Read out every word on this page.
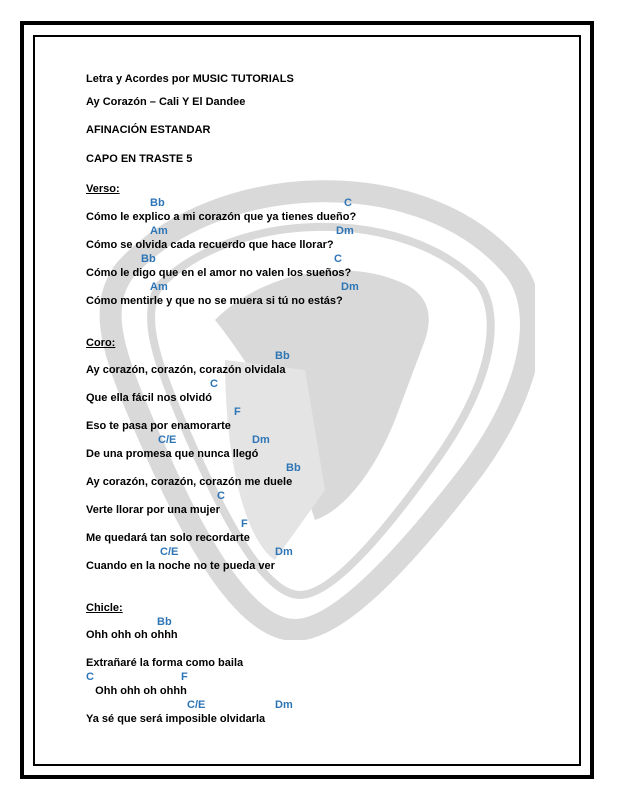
Letra y Acordes por MUSIC TUTORIALS
Ay Corazón – Cali Y El Dandee
AFINACIÓN ESTANDAR
CAPO EN TRASTE 5
Verso:
Bb	C
Cómo le explico a mi corazón que ya tienes dueño?
Am	Dm
Cómo se olvida cada recuerdo que hace llorar?
Bb	C
Cómo le digo que en el amor no valen los sueños?
Am	Dm
Cómo mentirle y que no se muera si tú no estás?
Coro:
Bb
Ay corazón, corazón, corazón olvidala
C
Que ella fácil nos olvidó
F
Eso te pasa por enamorarte
C/E	Dm
De una promesa que nunca llegó
Bb
Ay corazón, corazón, corazón me duele
C
Verte llorar por una mujer
F
Me quedará tan solo recordarte
C/E	Dm
Cuando en la noche no te pueda ver
Chicle:
Bb
Ohh ohh oh ohhh
Extrañaré la forma como baila
C	F
Ohh ohh oh ohhh
C/E	Dm
Ya sé que será imposible olvidarla
